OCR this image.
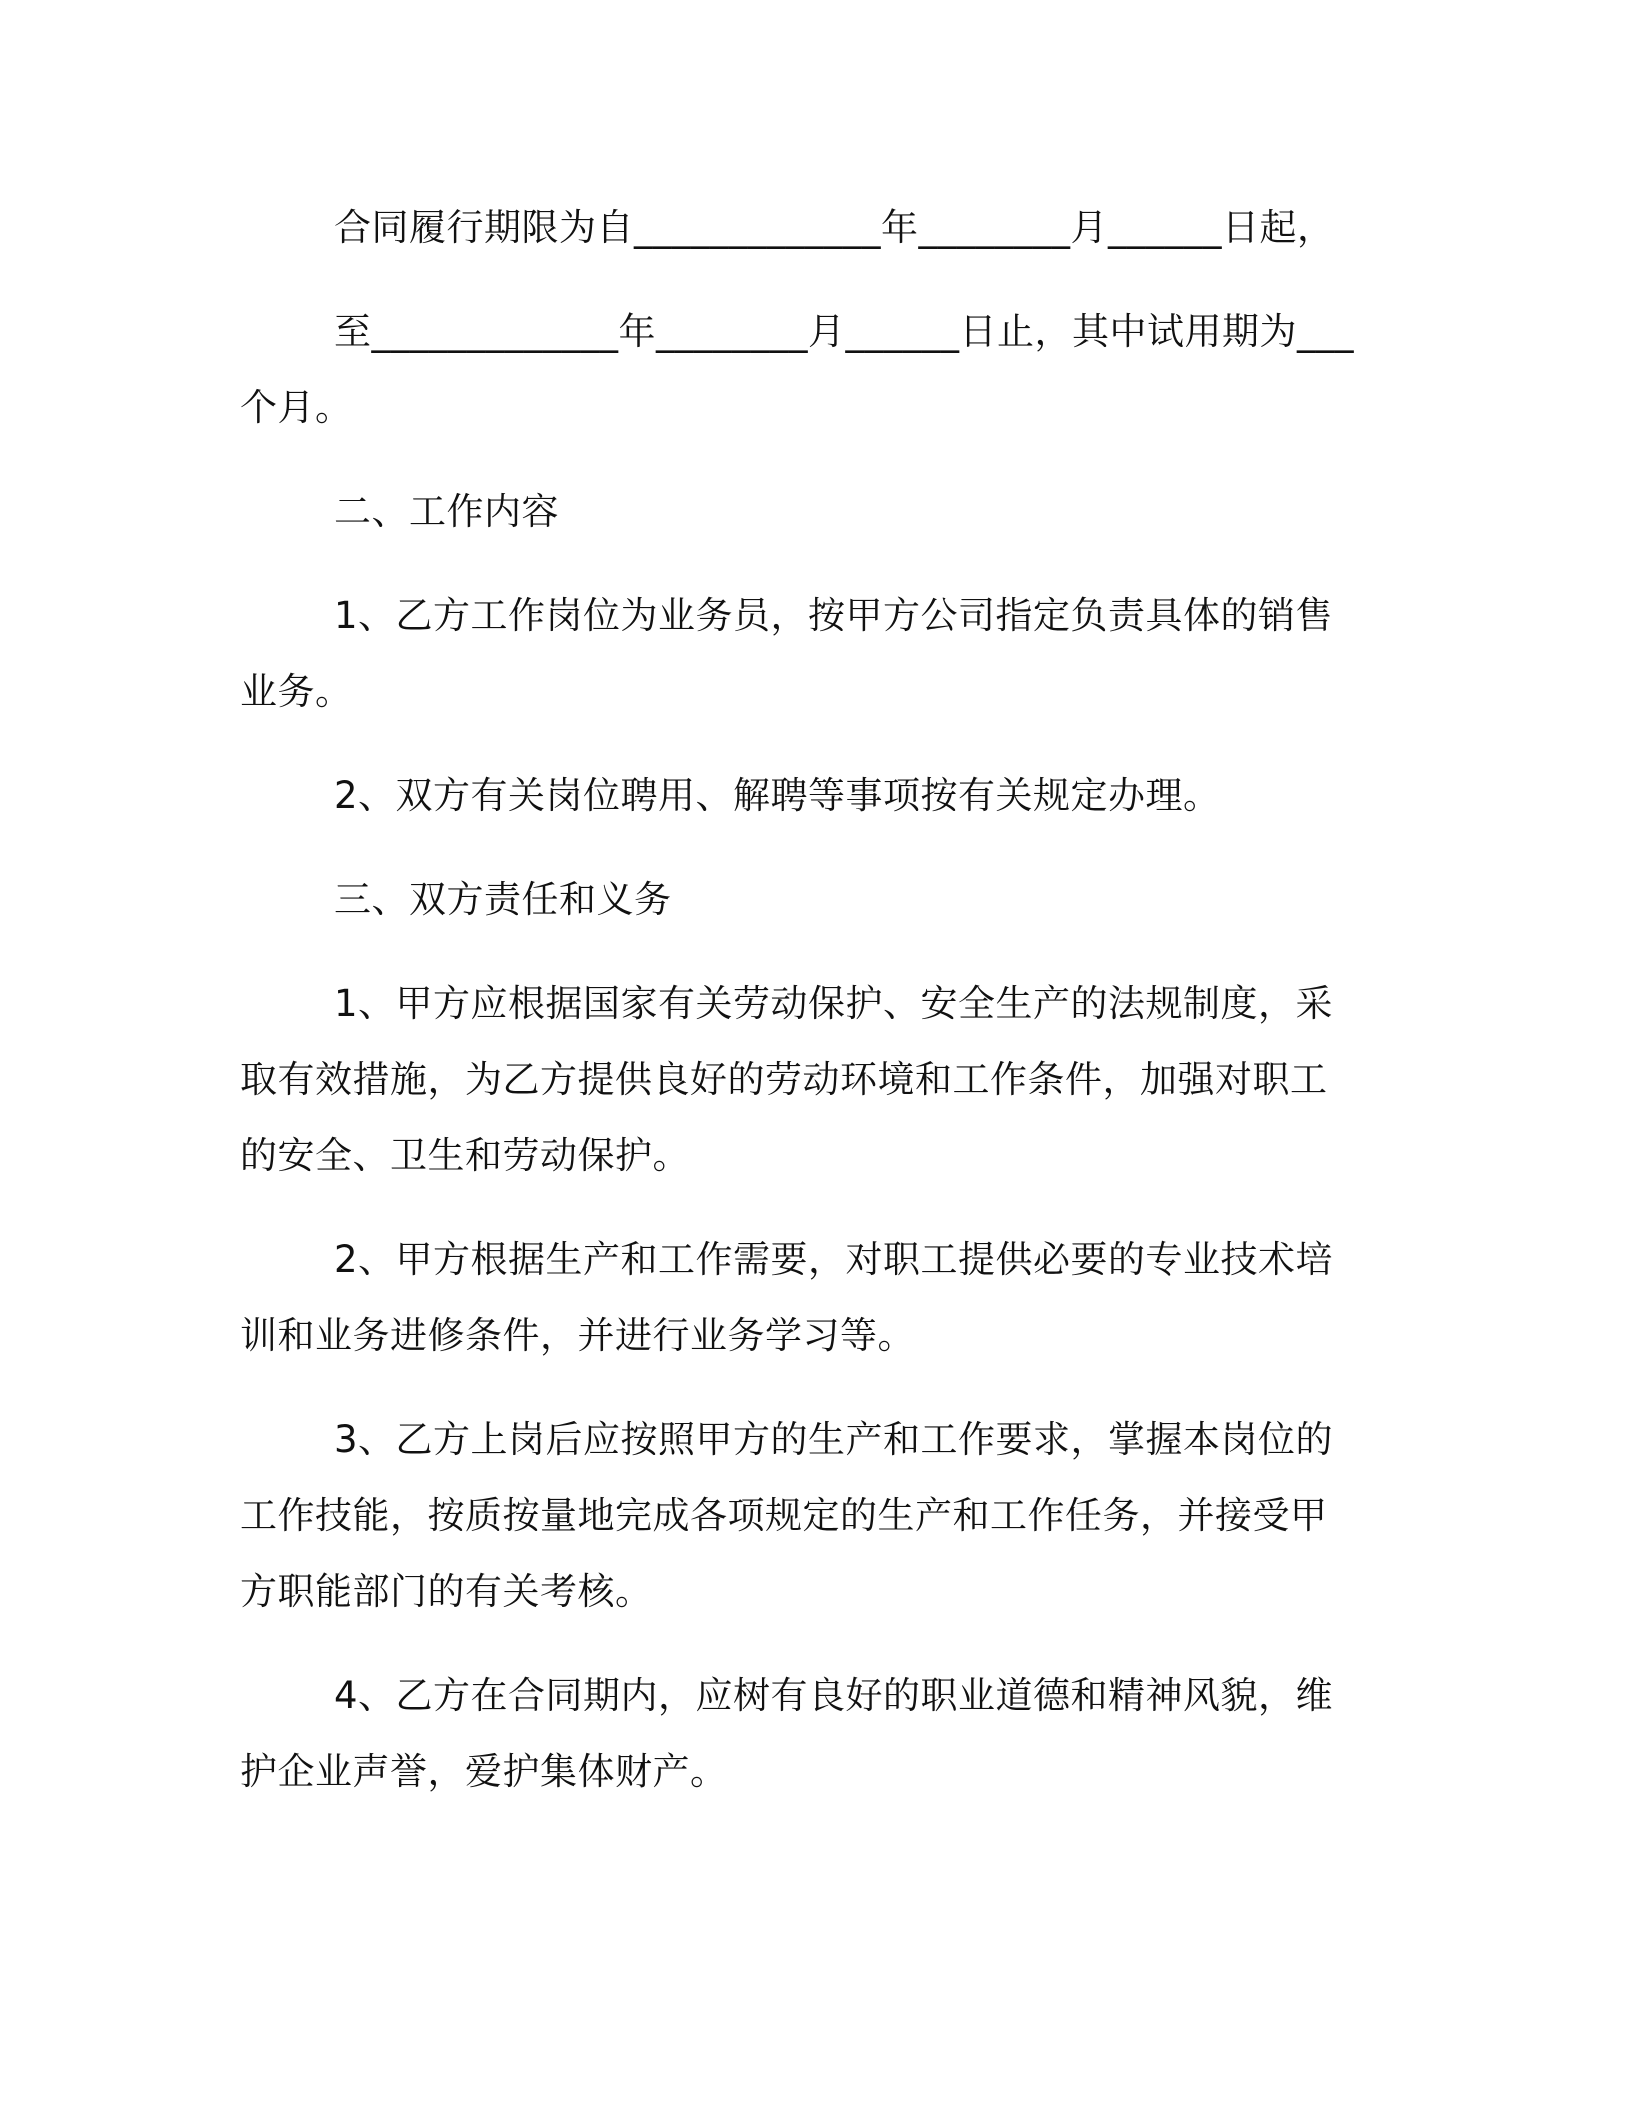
合同履行期限为自_____________年________月______日起，

至_____________年________月______日止，其中试用期为___个月。

二、工作内容

1、乙方工作岗位为业务员，按甲方公司指定负责具体的销售业务。

2、双方有关岗位聘用、解聘等事项按有关规定办理。

三、双方责任和义务

1、甲方应根据国家有关劳动保护、安全生产的法规制度，采取有效措施，为乙方提供良好的劳动环境和工作条件，加强对职工的安全、卫生和劳动保护。

2、甲方根据生产和工作需要，对职工提供必要的专业技术培训和业务进修条件，并进行业务学习等。

3、乙方上岗后应按照甲方的生产和工作要求，掌握本岗位的工作技能，按质按量地完成各项规定的生产和工作任务，并接受甲方职能部门的有关考核。

4、乙方在合同期内，应树有良好的职业道德和精神风貌，维护企业声誉，爱护集体财产。
